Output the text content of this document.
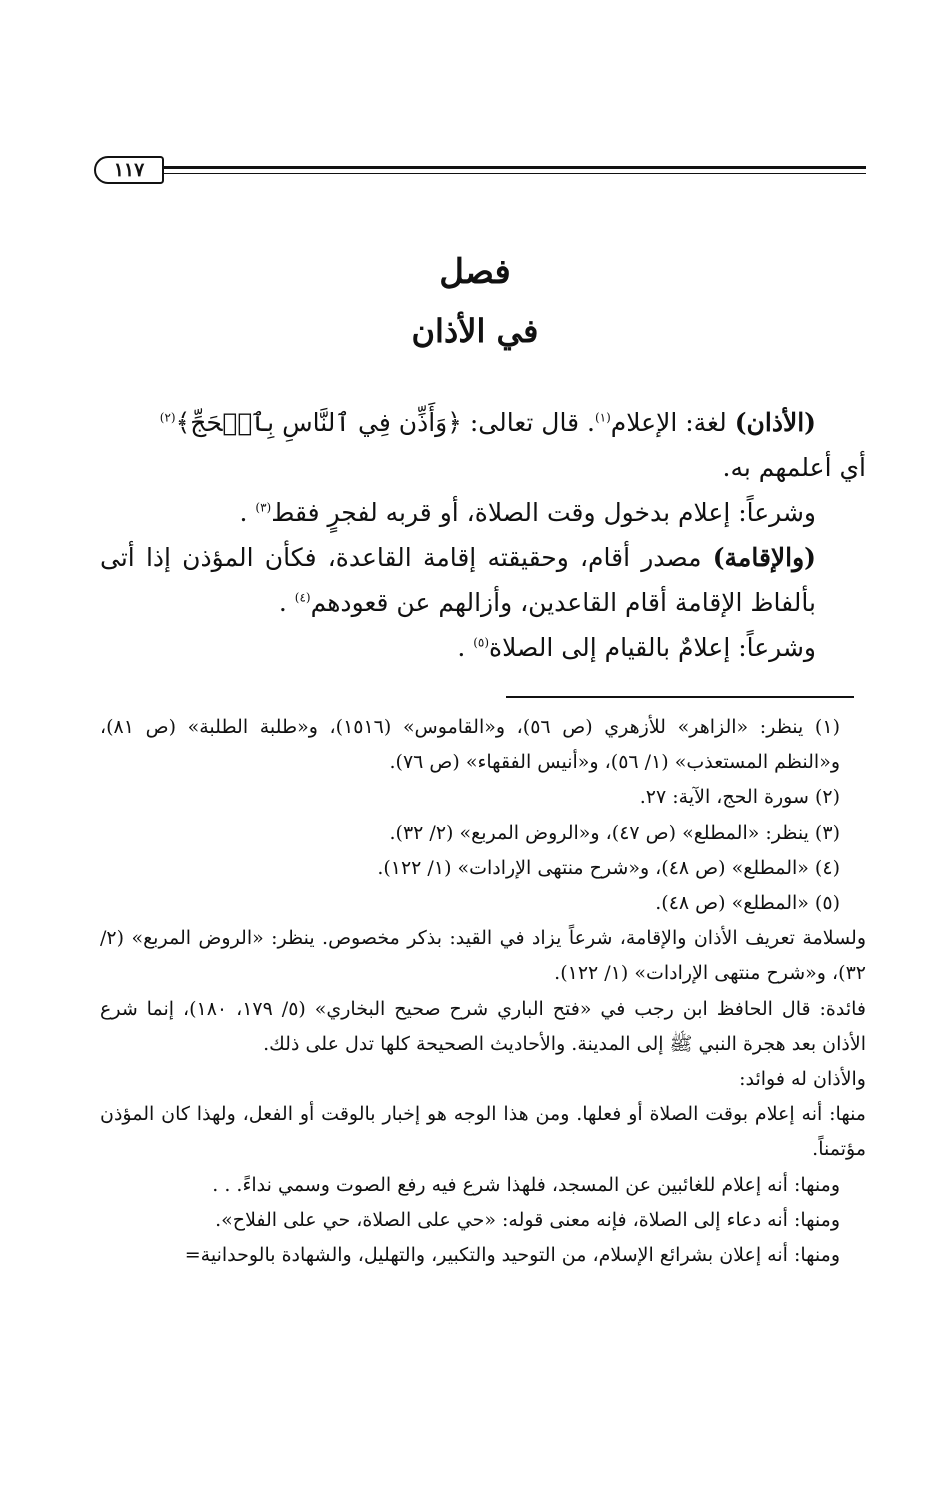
١١٧
فصل
في الأذان

(الأذان) لغة: الإعلام$^{(١)}$. قال تعالى: ﴿وَأَذِّن فِي ٱلنَّاسِ بِٱلۡحَجِّ﴾$^{(٢)}$

أي أعلمهم به.

وشرعاً: إعلام بدخول وقت الصلاة، أو قربه لفجرٍ فقط$^{(٣)}$ .

(والإقامة) مصدر أقام، وحقيقته إقامة القاعدة، فكأن المؤذن إذا أتى بألفاظ الإقامة أقام القاعدين، وأزالهم عن قعودهم$^{(٤)}$ .

وشرعاً: إعلامٌ بالقيام إلى الصلاة$^{(٥)}$ .

(١) ينظر: «الزاهر» للأزهري (ص ٥٦)، و«القاموس» (١٥١٦)، و«طلبة الطلبة» (ص ٨١)، و«النظم المستعذب» (١/ ٥٦)، و«أنيس الفقهاء» (ص ٧٦).

(٢) سورة الحج، الآية: ٢٧.

(٣) ينظر: «المطلع» (ص ٤٧)، و«الروض المربع» (٢/ ٣٢).

(٤) «المطلع» (ص ٤٨)، و«شرح منتهى الإرادات» (١/ ١٢٢).

(٥) «المطلع» (ص ٤٨).

ولسلامة تعريف الأذان والإقامة، شرعاً يزاد في القيد: بذكر مخصوص. ينظر: «الروض المربع» (٢/ ٣٢)، و«شرح منتهى الإرادات» (١/ ١٢٢).

فائدة: قال الحافظ ابن رجب في «فتح الباري شرح صحيح البخاري» (٥/ ١٧٩، ١٨٠)، إنما شرع الأذان بعد هجرة النبي ﷺ إلى المدينة. والأحاديث الصحيحة كلها تدل على ذلك.

والأذان له فوائد:

منها: أنه إعلام بوقت الصلاة أو فعلها. ومن هذا الوجه هو إخبار بالوقت أو الفعل، ولهذا كان المؤذن مؤتمناً.

ومنها: أنه إعلام للغائبين عن المسجد، فلهذا شرع فيه رفع الصوت وسمي نداءً. . .

ومنها: أنه دعاء إلى الصلاة، فإنه معنى قوله: «حي على الصلاة، حي على الفلاح».

ومنها: أنه إعلان بشرائع الإسلام، من التوحيد والتكبير، والتهليل، والشهادة بالوحدانية=
